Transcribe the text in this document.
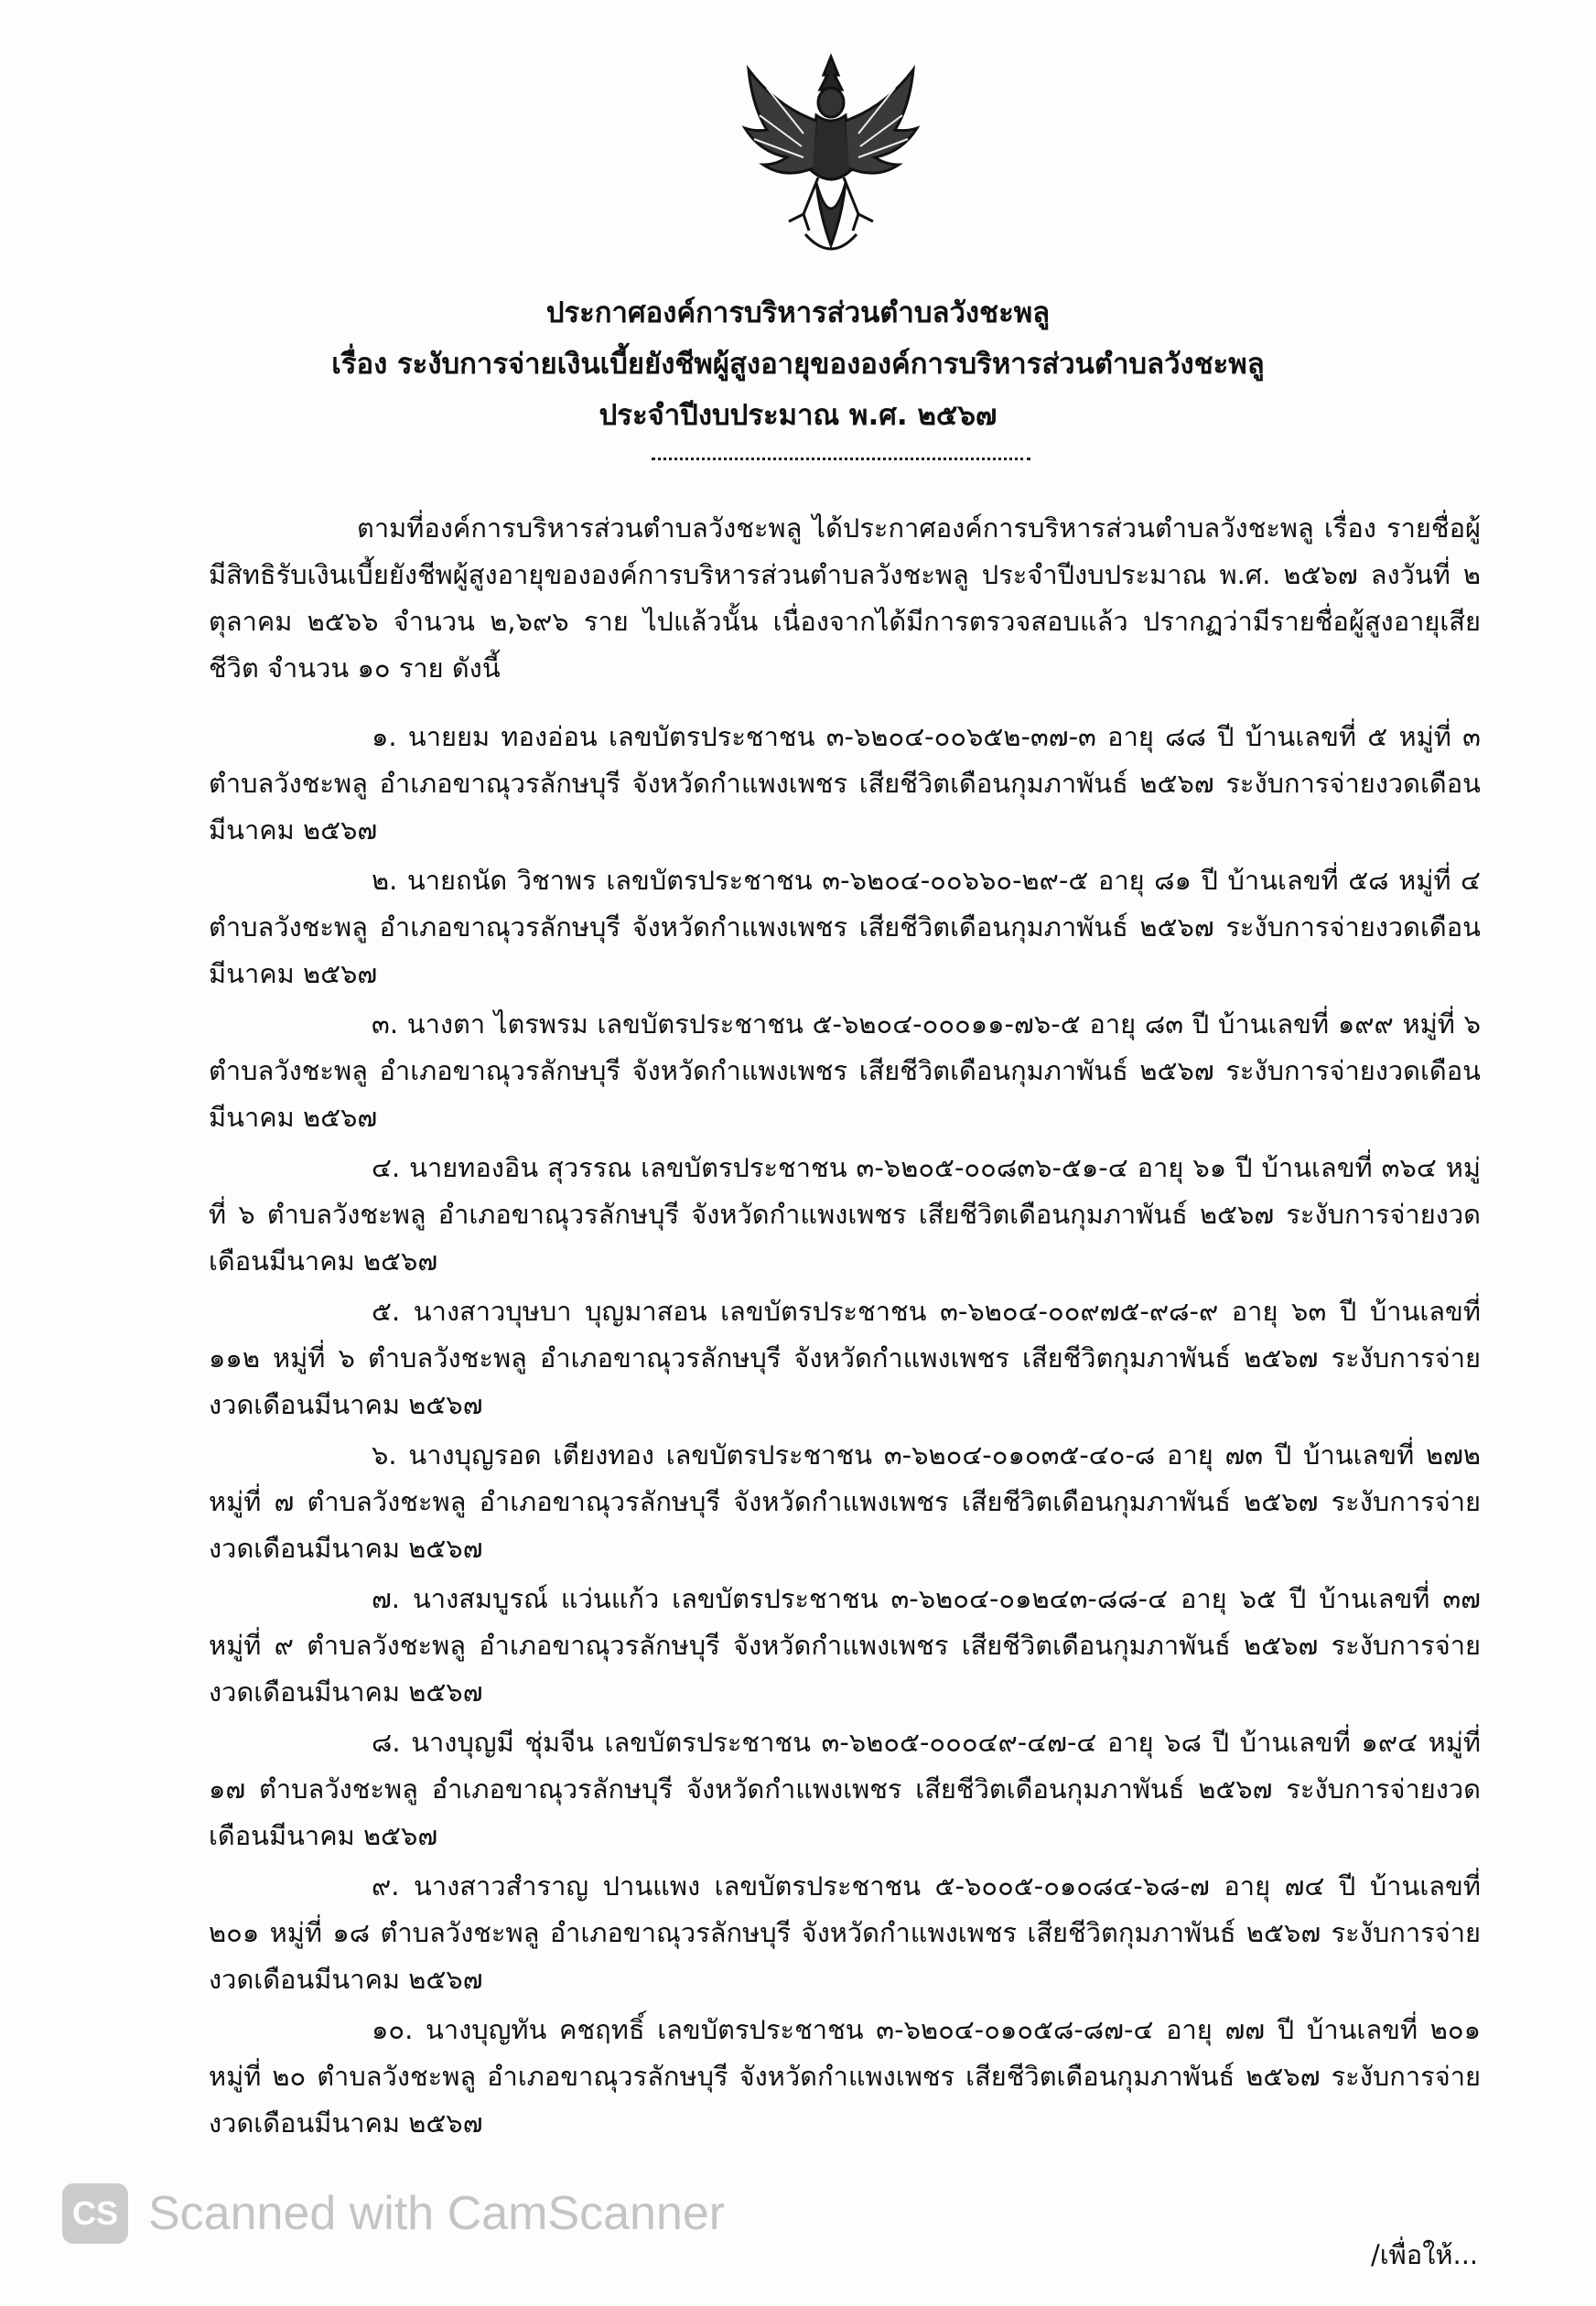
ประกาศองค์การบริหารส่วนตำบลวังชะพลู
เรื่อง ระงับการจ่ายเงินเบี้ยยังชีพผู้สูงอายุขององค์การบริหารส่วนตำบลวังชะพลู
ประจำปีงบประมาณ พ.ศ. ๒๕๖๗

ตามที่องค์การบริหารส่วนตำบลวังชะพลู ได้ประกาศองค์การบริหารส่วนตำบลวังชะพลู เรื่อง รายชื่อผู้มีสิทธิรับเงินเบี้ยยังชีพผู้สูงอายุขององค์การบริหารส่วนตำบลวังชะพลู ประจำปีงบประมาณ พ.ศ. ๒๕๖๗ ลงวันที่ ๒ ตุลาคม ๒๕๖๖ จำนวน ๒,๖๙๖ ราย ไปแล้วนั้น เนื่องจากได้มีการตรวจสอบแล้ว ปรากฏว่ามีรายชื่อผู้สูงอายุเสียชีวิต จำนวน ๑๐ ราย ดังนี้

๑. นายยม ทองอ่อน เลขบัตรประชาชน ๓-๖๒๐๔-๐๐๖๕๒-๓๗-๓ อายุ ๘๘ ปี บ้านเลขที่ ๕ หมู่ที่ ๓ ตำบลวังชะพลู อำเภอขาณุวรลักษบุรี จังหวัดกำแพงเพชร เสียชีวิตเดือนกุมภาพันธ์ ๒๕๖๗ ระงับการจ่ายงวดเดือนมีนาคม ๒๕๖๗

๒. นายถนัด วิชาพร เลขบัตรประชาชน ๓-๖๒๐๔-๐๐๖๖๐-๒๙-๕ อายุ ๘๑ ปี บ้านเลขที่ ๕๘ หมู่ที่ ๔ ตำบลวังชะพลู อำเภอขาณุวรลักษบุรี จังหวัดกำแพงเพชร เสียชีวิตเดือนกุมภาพันธ์ ๒๕๖๗ ระงับการจ่ายงวดเดือนมีนาคม ๒๕๖๗

๓. นางตา ไตรพรม เลขบัตรประชาชน ๕-๖๒๐๔-๐๐๐๑๑-๗๖-๕ อายุ ๘๓ ปี บ้านเลขที่ ๑๙๙ หมู่ที่ ๖ ตำบลวังชะพลู อำเภอขาณุวรลักษบุรี จังหวัดกำแพงเพชร เสียชีวิตเดือนกุมภาพันธ์ ๒๕๖๗ ระงับการจ่ายงวดเดือนมีนาคม ๒๕๖๗

๔. นายทองอิน สุวรรณ เลขบัตรประชาชน ๓-๖๒๐๕-๐๐๘๓๖-๕๑-๔ อายุ ๖๑ ปี บ้านเลขที่ ๓๖๔ หมู่ที่ ๖ ตำบลวังชะพลู อำเภอขาณุวรลักษบุรี จังหวัดกำแพงเพชร เสียชีวิตเดือนกุมภาพันธ์ ๒๕๖๗ ระงับการจ่ายงวดเดือนมีนาคม ๒๕๖๗

๕. นางสาวบุษบา บุญมาสอน เลขบัตรประชาชน ๓-๖๒๐๔-๐๐๙๗๕-๙๘-๙ อายุ ๖๓ ปี บ้านเลขที่ ๑๑๒ หมู่ที่ ๖ ตำบลวังชะพลู อำเภอขาณุวรลักษบุรี จังหวัดกำแพงเพชร เสียชีวิตกุมภาพันธ์ ๒๕๖๗ ระงับการจ่ายงวดเดือนมีนาคม ๒๕๖๗

๖. นางบุญรอด เตียงทอง เลขบัตรประชาชน ๓-๖๒๐๔-๐๑๐๓๕-๔๐-๘ อายุ ๗๓ ปี บ้านเลขที่ ๒๗๒ หมู่ที่ ๗ ตำบลวังชะพลู อำเภอขาณุวรลักษบุรี จังหวัดกำแพงเพชร เสียชีวิตเดือนกุมภาพันธ์ ๒๕๖๗ ระงับการจ่ายงวดเดือนมีนาคม ๒๕๖๗

๗. นางสมบูรณ์ แว่นแก้ว เลขบัตรประชาชน ๓-๖๒๐๔-๐๑๒๔๓-๘๘-๔ อายุ ๖๕ ปี บ้านเลขที่ ๓๗ หมู่ที่ ๙ ตำบลวังชะพลู อำเภอขาณุวรลักษบุรี จังหวัดกำแพงเพชร เสียชีวิตเดือนกุมภาพันธ์ ๒๕๖๗ ระงับการจ่ายงวดเดือนมีนาคม ๒๕๖๗

๘. นางบุญมี ชุ่มจีน เลขบัตรประชาชน ๓-๖๒๐๕-๐๐๐๔๙-๔๗-๔ อายุ ๖๘ ปี บ้านเลขที่ ๑๙๔ หมู่ที่ ๑๗ ตำบลวังชะพลู อำเภอขาณุวรลักษบุรี จังหวัดกำแพงเพชร เสียชีวิตเดือนกุมภาพันธ์ ๒๕๖๗ ระงับการจ่ายงวดเดือนมีนาคม ๒๕๖๗

๙. นางสาวสำราญ ปานแพง เลขบัตรประชาชน ๕-๖๐๐๕-๐๑๐๘๔-๖๘-๗ อายุ ๗๔ ปี บ้านเลขที่ ๒๐๑ หมู่ที่ ๑๘ ตำบลวังชะพลู อำเภอขาณุวรลักษบุรี จังหวัดกำแพงเพชร เสียชีวิตกุมภาพันธ์ ๒๕๖๗ ระงับการจ่ายงวดเดือนมีนาคม ๒๕๖๗

๑๐. นางบุญทัน คชฤทธิ์ เลขบัตรประชาชน ๓-๖๒๐๔-๐๑๐๕๘-๘๗-๔ อายุ ๗๗ ปี บ้านเลขที่ ๒๐๑ หมู่ที่ ๒๐ ตำบลวังชะพลู อำเภอขาณุวรลักษบุรี จังหวัดกำแพงเพชร เสียชีวิตเดือนกุมภาพันธ์ ๒๕๖๗ ระงับการจ่ายงวดเดือนมีนาคม ๒๕๖๗

/เพื่อให้...
CS Scanned with CamScanner
